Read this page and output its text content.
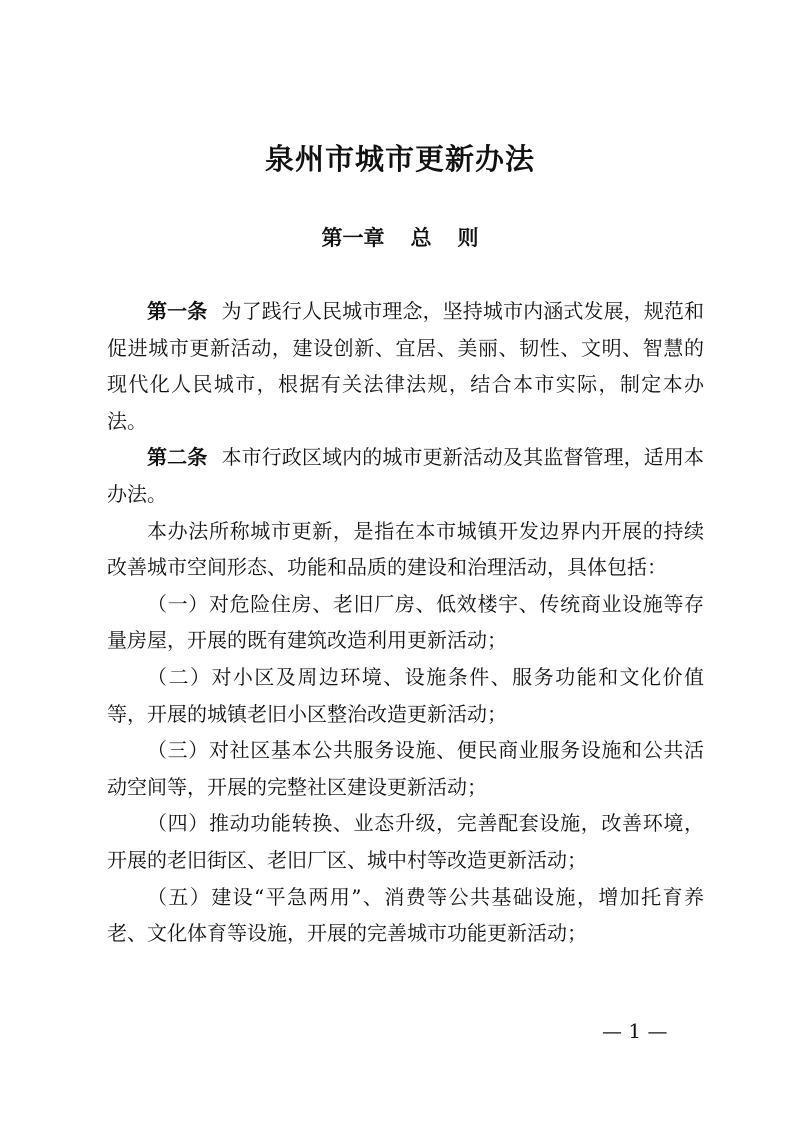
泉州市城市更新办法
第一章 总 则

第一条 为了践行人民城市理念，坚持城市内涵式发展，规范和促进城市更新活动，建设创新、宜居、美丽、韧性、文明、智慧的现代化人民城市，根据有关法律法规，结合本市实际，制定本办法。

第二条 本市行政区域内的城市更新活动及其监督管理，适用本办法。

本办法所称城市更新，是指在本市城镇开发边界内开展的持续改善城市空间形态、功能和品质的建设和治理活动，具体包括：

（一）对危险住房、老旧厂房、低效楼宇、传统商业设施等存量房屋，开展的既有建筑改造利用更新活动；

（二）对小区及周边环境、设施条件、服务功能和文化价值等，开展的城镇老旧小区整治改造更新活动；

（三）对社区基本公共服务设施、便民商业服务设施和公共活动空间等，开展的完整社区建设更新活动；

（四）推动功能转换、业态升级，完善配套设施，改善环境，开展的老旧街区、老旧厂区、城中村等改造更新活动；

（五）建设“平急两用”、消费等公共基础设施，增加托育养老、文化体育等设施，开展的完善城市功能更新活动；

— 1 —
